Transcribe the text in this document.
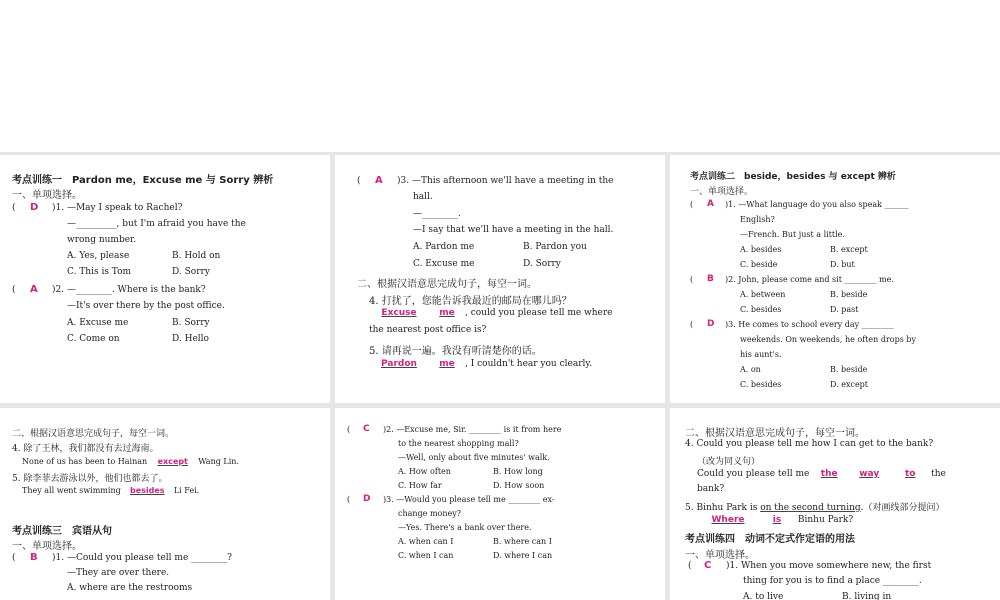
考点训练一　Pardon me，Excuse me 与 Sorry 辨析
一、单项选择。
( D )1. —May I speak to Rachel?
—_________, but I'm afraid you have the
wrong number.
A. Yes, please	B. Hold on
C. This is Tom	D. Sorry
( A )2. —________. Where is the bank?
—It's over there by the post office.
A. Excuse me	B. Sorry
C. Come on	D. Hello
( A )3. —This afternoon we'll have a meeting in the
hall.
—________.
—I say that we'll have a meeting in the hall.
A. Pardon me	B. Pardon you
C. Excuse me	D. Sorry
二、根据汉语意思完成句子，每空一词。
4. 打扰了，您能告诉我最近的邮局在哪儿吗？
Excuse	me , could you please tell me where
the nearest post office is?
5. 请再说一遍。我没有听清楚你的话。
Pardon me , I couldn't hear you clearly.
考点训练二　beside，besides 与 except 辨析
一、单项选择。
( A )1. —What language do you also speak ______
English?
—French. But just a little.
A. besides	B. except
C. beside	D. but
( B )2. John, please come and sit ________ me.
A. between	B. beside
C. besides	D. past
( D )3. He comes to school every day ________
weekends. On weekends, he often drops by
his aunt's.
A. on	B. beside
C. besides	D. except
二、根据汉语意思完成句子，每空一词。
4. 除了王林，我们都没有去过海南。
None of us has been to Hainan except Wang Lin.
5. 除李菲去游泳以外，他们也都去了。
They all went swimming besides Li Fei.
考点训练三　宾语从句
一、单项选择。
( B )1. —Could you please tell me ________?
—They are over there.
A. where are the restrooms
( C )2. —Excuse me, Sir. ________ is it from here
to the nearest shopping mall?
—Well, only about five minutes' walk.
A. How often	B. How long
C. How far	D. How soon
( D )3. —Would you please tell me ________ ex-
change money?
—Yes. There's a bank over there.
A. when can I	B. where can I
C. when I can	D. where I can
二、根据汉语意思完成句子，每空一词。
4. Could you please tell me how I can get to the bank?
（改为同义句）
Could you please tell me the way	to the
bank?
5. Binhu Park is on the second turning.（对画线部分提问）
Where	is Binhu Park?
考点训练四　动词不定式作定语的用法
一、单项选择。
( C )1. When you move somewhere new, the first
thing for you is to find a place ________.
A. to live	B. living in
